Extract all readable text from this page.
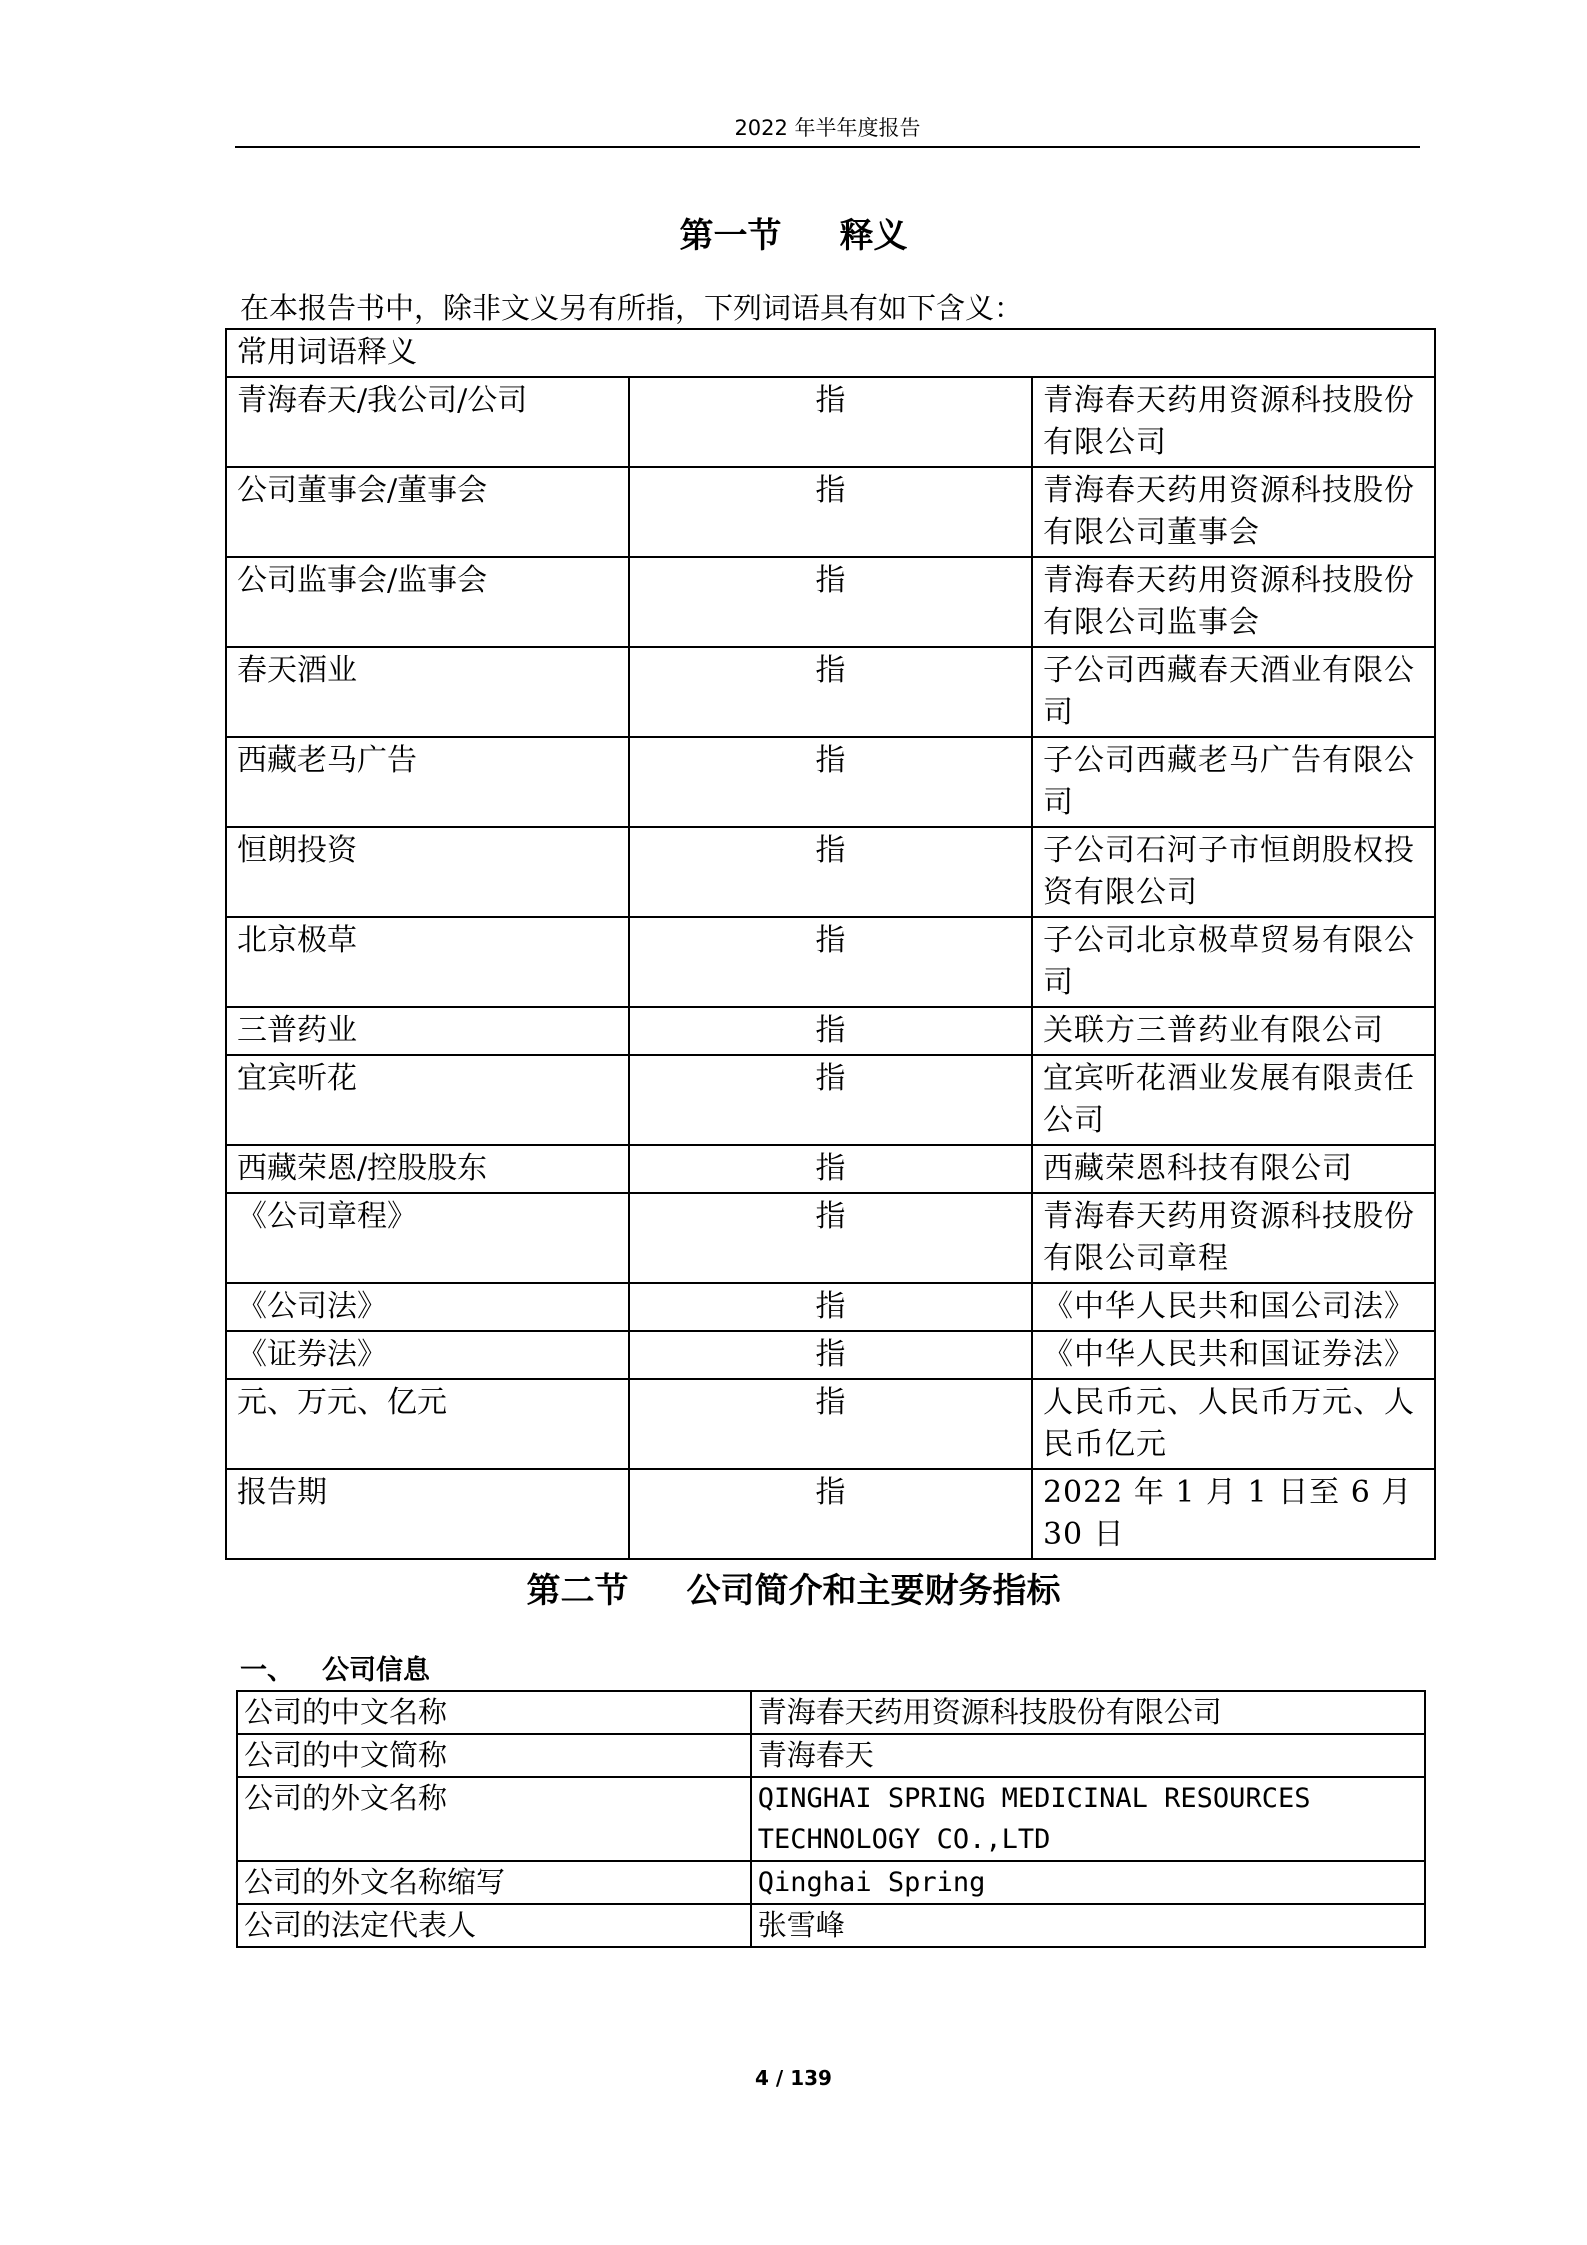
2022 年半年度报告
第一节 释义
在本报告书中，除非文义另有所指，下列词语具有如下含义：
常用词语释义		
青海春天/我公司/公司	指	青海春天药用资源科技股份有限公司
公司董事会/董事会	指	青海春天药用资源科技股份有限公司董事会
公司监事会/监事会	指	青海春天药用资源科技股份有限公司监事会
春天酒业	指	子公司西藏春天酒业有限公司
西藏老马广告	指	子公司西藏老马广告有限公司
恒朗投资	指	子公司石河子市恒朗股权投资有限公司
北京极草	指	子公司北京极草贸易有限公司
三普药业	指	关联方三普药业有限公司
宜宾听花	指	宜宾听花酒业发展有限责任公司
西藏荣恩/控股股东	指	西藏荣恩科技有限公司
《公司章程》	指	青海春天药用资源科技股份有限公司章程
《公司法》	指	《中华人民共和国公司法》
《证券法》	指	《中华人民共和国证券法》
元、万元、亿元	指	人民币元、人民币万元、人民币亿元
报告期	指	2022 年 1 月 1 日至 6 月 30 日
第二节 公司简介和主要财务指标
一、 公司信息
公司的中文名称	青海春天药用资源科技股份有限公司
公司的中文简称	青海春天
公司的外文名称	QINGHAI SPRING MEDICINAL RESOURCES TECHNOLOGY CO.,LTD
公司的外文名称缩写	Qinghai Spring
公司的法定代表人	张雪峰
4 / 139
